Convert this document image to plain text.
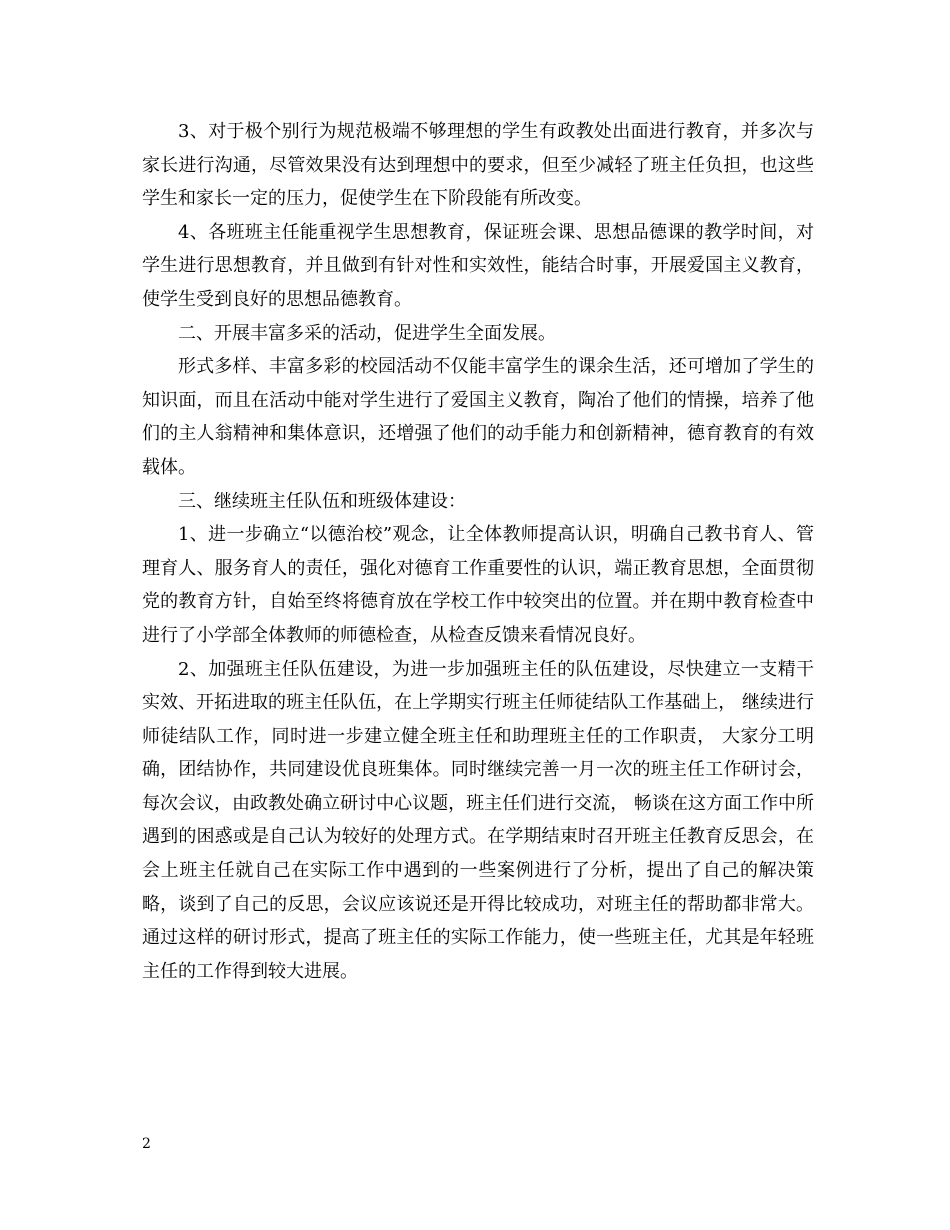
3、对于极个别行为规范极端不够理想的学生有政教处出面进行教育，并多次与家长进行沟通，尽管效果没有达到理想中的要求，但至少减轻了班主任负担，也这些学生和家长一定的压力，促使学生在下阶段能有所改变。

4、各班班主任能重视学生思想教育，保证班会课、思想品德课的教学时间，对学生进行思想教育，并且做到有针对性和实效性，能结合时事，开展爱国主义教育，使学生受到良好的思想品德教育。

二、开展丰富多采的活动，促进学生全面发展。

形式多样、丰富多彩的校园活动不仅能丰富学生的课余生活，还可增加了学生的知识面，而且在活动中能对学生进行了爱国主义教育，陶冶了他们的情操，培养了他们的主人翁精神和集体意识，还增强了他们的动手能力和创新精神，德育教育的有效载体。

三、继续班主任队伍和班级体建设：

1、进一步确立“以德治校”观念，让全体教师提高认识，明确自己教书育人、管理育人、服务育人的责任，强化对德育工作重要性的认识，端正教育思想，全面贯彻党的教育方针，自始至终将德育放在学校工作中较突出的位置。并在期中教育检查中进行了小学部全体教师的师德检查，从检查反馈来看情况良好。

2、加强班主任队伍建设，为进一步加强班主任的队伍建设，尽快建立一支精干实效、开拓进取的班主任队伍，在上学期实行班主任师徒结队工作基础上， 继续进行师徒结队工作，同时进一步建立健全班主任和助理班主任的工作职责， 大家分工明确，团结协作，共同建设优良班集体。同时继续完善一月一次的班主任工作研讨会，每次会议，由政教处确立研讨中心议题，班主任们进行交流， 畅谈在这方面工作中所遇到的困惑或是自己认为较好的处理方式。在学期结束时召开班主任教育反思会，在会上班主任就自己在实际工作中遇到的一些案例进行了分析，提出了自己的解决策略，谈到了自己的反思，会议应该说还是开得比较成功，对班主任的帮助都非常大。通过这样的研讨形式，提高了班主任的实际工作能力，使一些班主任，尤其是年轻班主任的工作得到较大进展。

2
